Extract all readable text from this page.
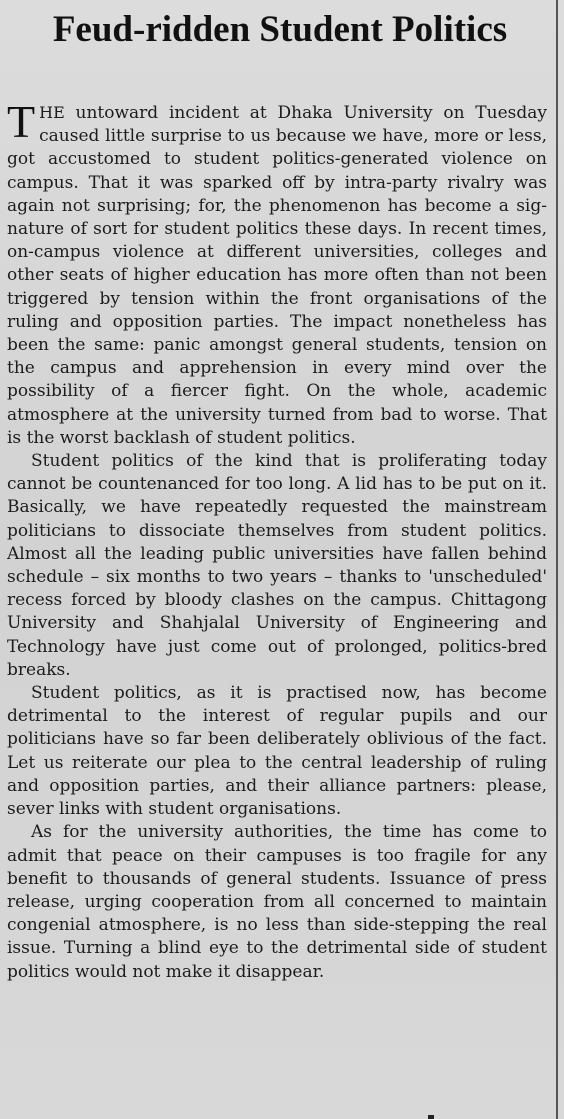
Feud-ridden Student Politics

THE untoward incident at Dhaka University on Tuesday caused little surprise to us because we have, more or less, got accustomed to student politics-generated violence on campus. That it was sparked off by intra-party rivalry was again not surprising; for, the phenomenon has become a signature of sort for student politics these days. In recent times, on-campus violence at different universities, colleges and other seats of higher education has more often than not been triggered by tension within the front organisations of the ruling and opposition parties. The impact nonetheless has been the same: panic amongst general students, tension on the campus and apprehension in every mind over the possibility of a fiercer fight. On the whole, academic atmosphere at the university turned from bad to worse. That is the worst backlash of student politics.

Student politics of the kind that is proliferating today cannot be countenanced for too long. A lid has to be put on it. Basically, we have repeatedly requested the mainstream politicians to dissociate themselves from student politics. Almost all the leading public universities have fallen behind schedule – six months to two years – thanks to 'unscheduled' recess forced by bloody clashes on the campus. Chittagong University and Shahjalal University of Engineering and Technology have just come out of prolonged, politics-bred breaks.

Student politics, as it is practised now, has become detrimental to the interest of regular pupils and our politicians have so far been deliberately oblivious of the fact. Let us reiterate our plea to the central leadership of ruling and opposition parties, and their alliance partners: please, sever links with student organisations.

As for the university authorities, the time has come to admit that peace on their campuses is too fragile for any benefit to thousands of general students. Issuance of press release, urging cooperation from all concerned to maintain congenial atmosphere, is no less than side-stepping the real issue. Turning a blind eye to the detrimental side of student politics would not make it disappear.
